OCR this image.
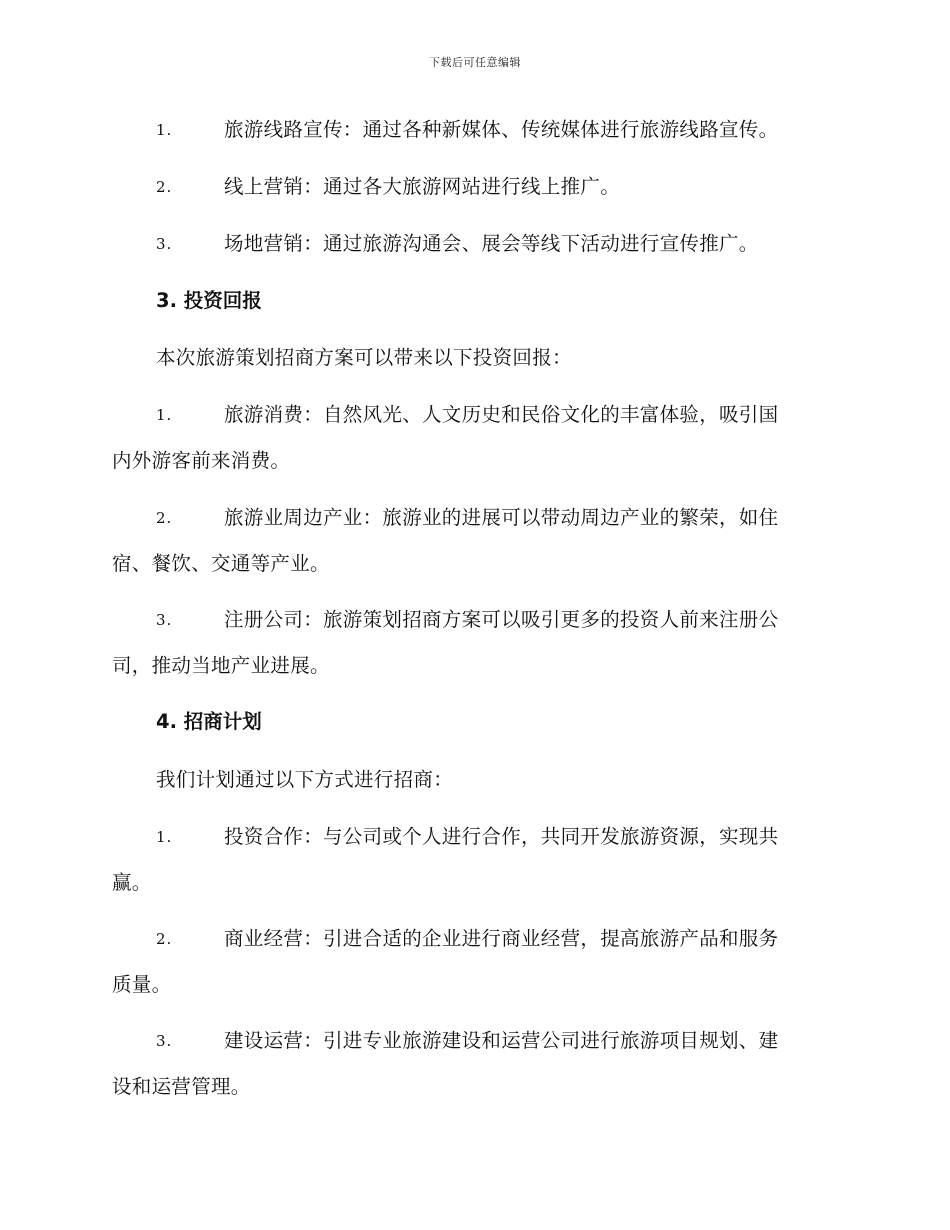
下载后可任意编辑
1.	旅游线路宣传：通过各种新媒体、传统媒体进行旅游线路宣传。
2.	线上营销：通过各大旅游网站进行线上推广。
3.	场地营销：通过旅游沟通会、展会等线下活动进行宣传推广。
3. 投资回报
本次旅游策划招商方案可以带来以下投资回报：
1.	旅游消费：自然风光、人文历史和民俗文化的丰富体验，吸引国
内外游客前来消费。
2.	旅游业周边产业：旅游业的进展可以带动周边产业的繁荣，如住
宿、餐饮、交通等产业。
3.	注册公司：旅游策划招商方案可以吸引更多的投资人前来注册公
司，推动当地产业进展。
4. 招商计划
我们计划通过以下方式进行招商：
1.	投资合作：与公司或个人进行合作，共同开发旅游资源，实现共
赢。
2.	商业经营：引进合适的企业进行商业经营，提高旅游产品和服务
质量。
3.	建设运营：引进专业旅游建设和运营公司进行旅游项目规划、建
设和运营管理。
